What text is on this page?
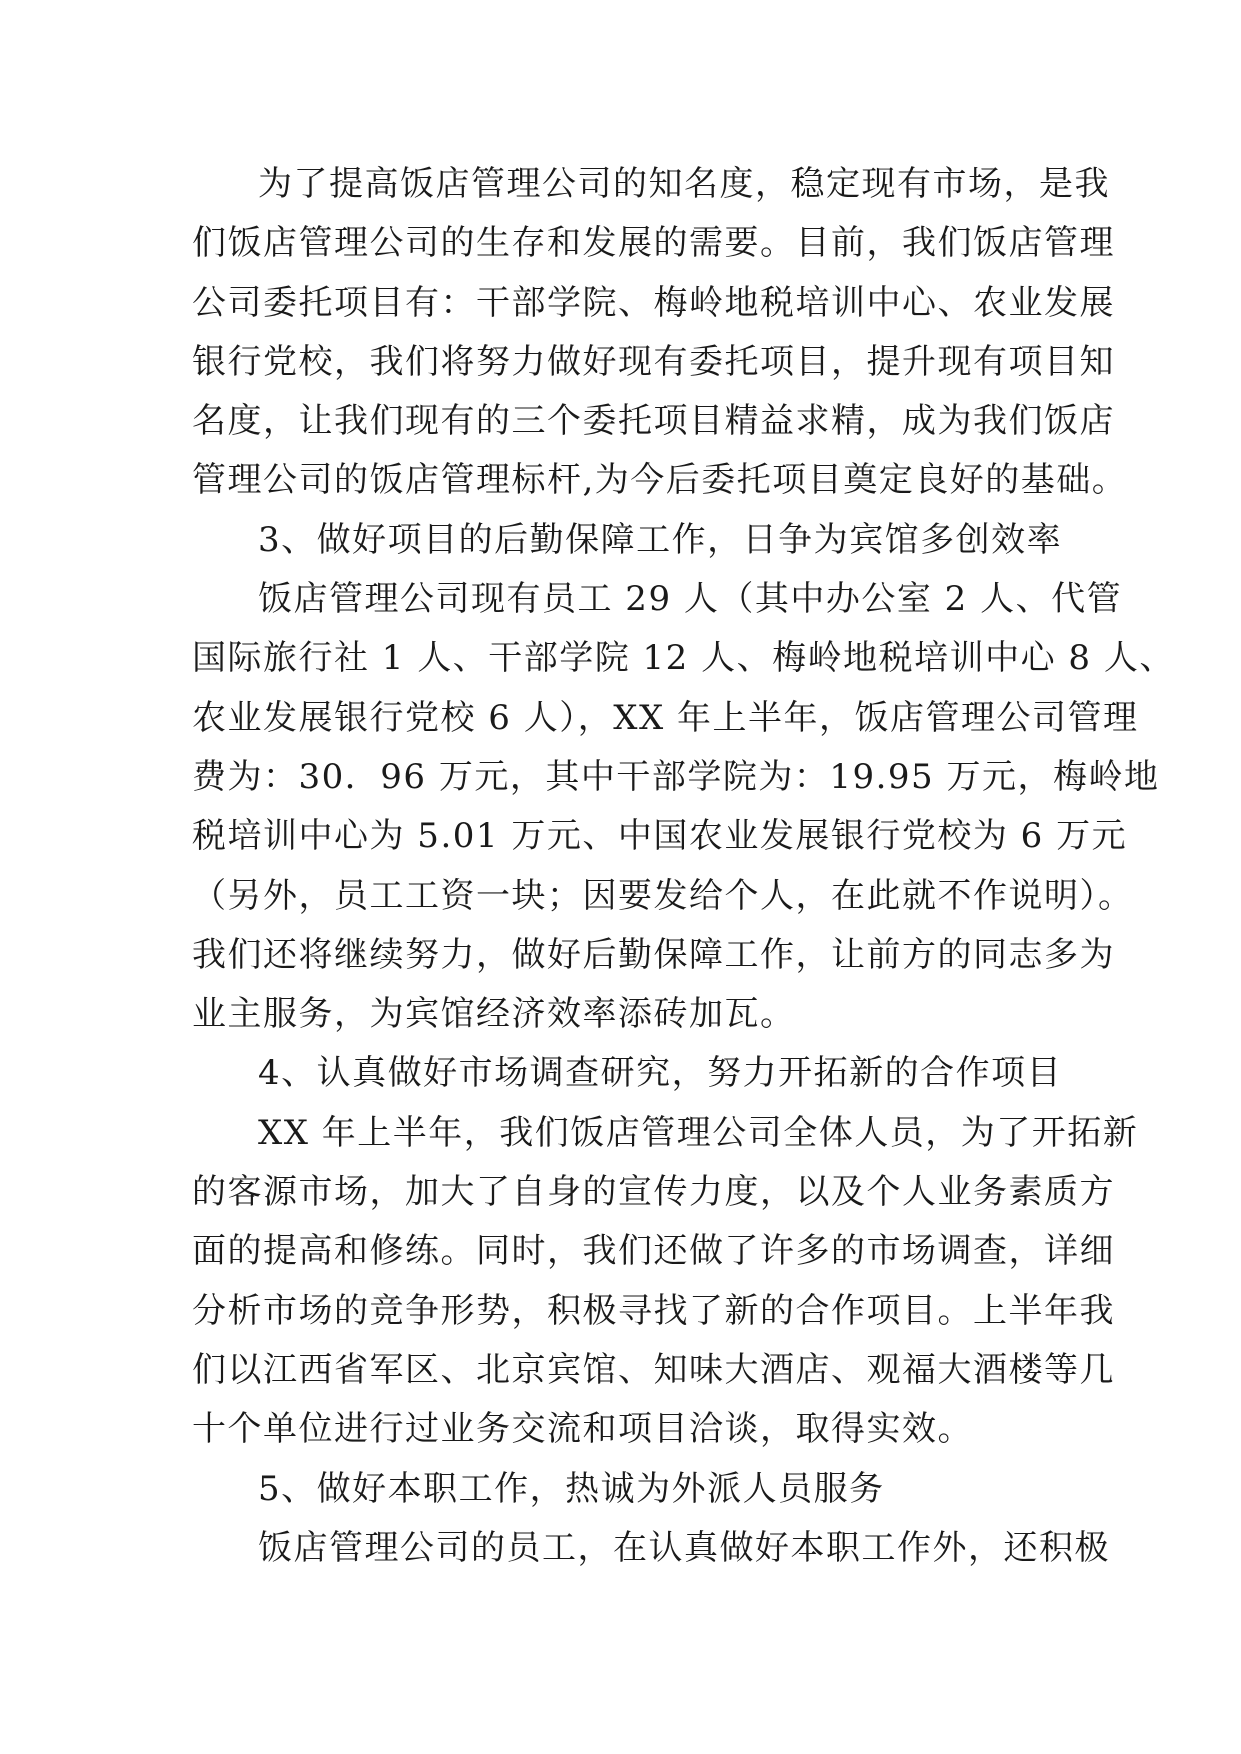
为了提高饭店管理公司的知名度，稳定现有市场，是我
们饭店管理公司的生存和发展的需要。目前，我们饭店管理
公司委托项目有：干部学院、梅岭地税培训中心、农业发展
银行党校，我们将努力做好现有委托项目，提升现有项目知
名度，让我们现有的三个委托项目精益求精，成为我们饭店
管理公司的饭店管理标杆,为今后委托项目奠定良好的基础。
3、做好项目的后勤保障工作，日争为宾馆多创效率
饭店管理公司现有员工 29 人（其中办公室 2 人、代管
国际旅行社 1 人、干部学院 12 人、梅岭地税培训中心 8 人、
农业发展银行党校 6 人），XX 年上半年，饭店管理公司管理
费为：30．96 万元，其中干部学院为：19.95 万元，梅岭地
税培训中心为 5.01 万元、中国农业发展银行党校为 6 万元
（另外，员工工资一块；因要发给个人，在此就不作说明）。
我们还将继续努力，做好后勤保障工作，让前方的同志多为
业主服务，为宾馆经济效率添砖加瓦。
4、认真做好市场调查研究，努力开拓新的合作项目
XX 年上半年，我们饭店管理公司全体人员，为了开拓新
的客源市场，加大了自身的宣传力度，以及个人业务素质方
面的提高和修练。同时，我们还做了许多的市场调查，详细
分析市场的竞争形势，积极寻找了新的合作项目。上半年我
们以江西省军区、北京宾馆、知味大酒店、观福大酒楼等几
十个单位进行过业务交流和项目洽谈，取得实效。
5、做好本职工作，热诚为外派人员服务
饭店管理公司的员工，在认真做好本职工作外，还积极
